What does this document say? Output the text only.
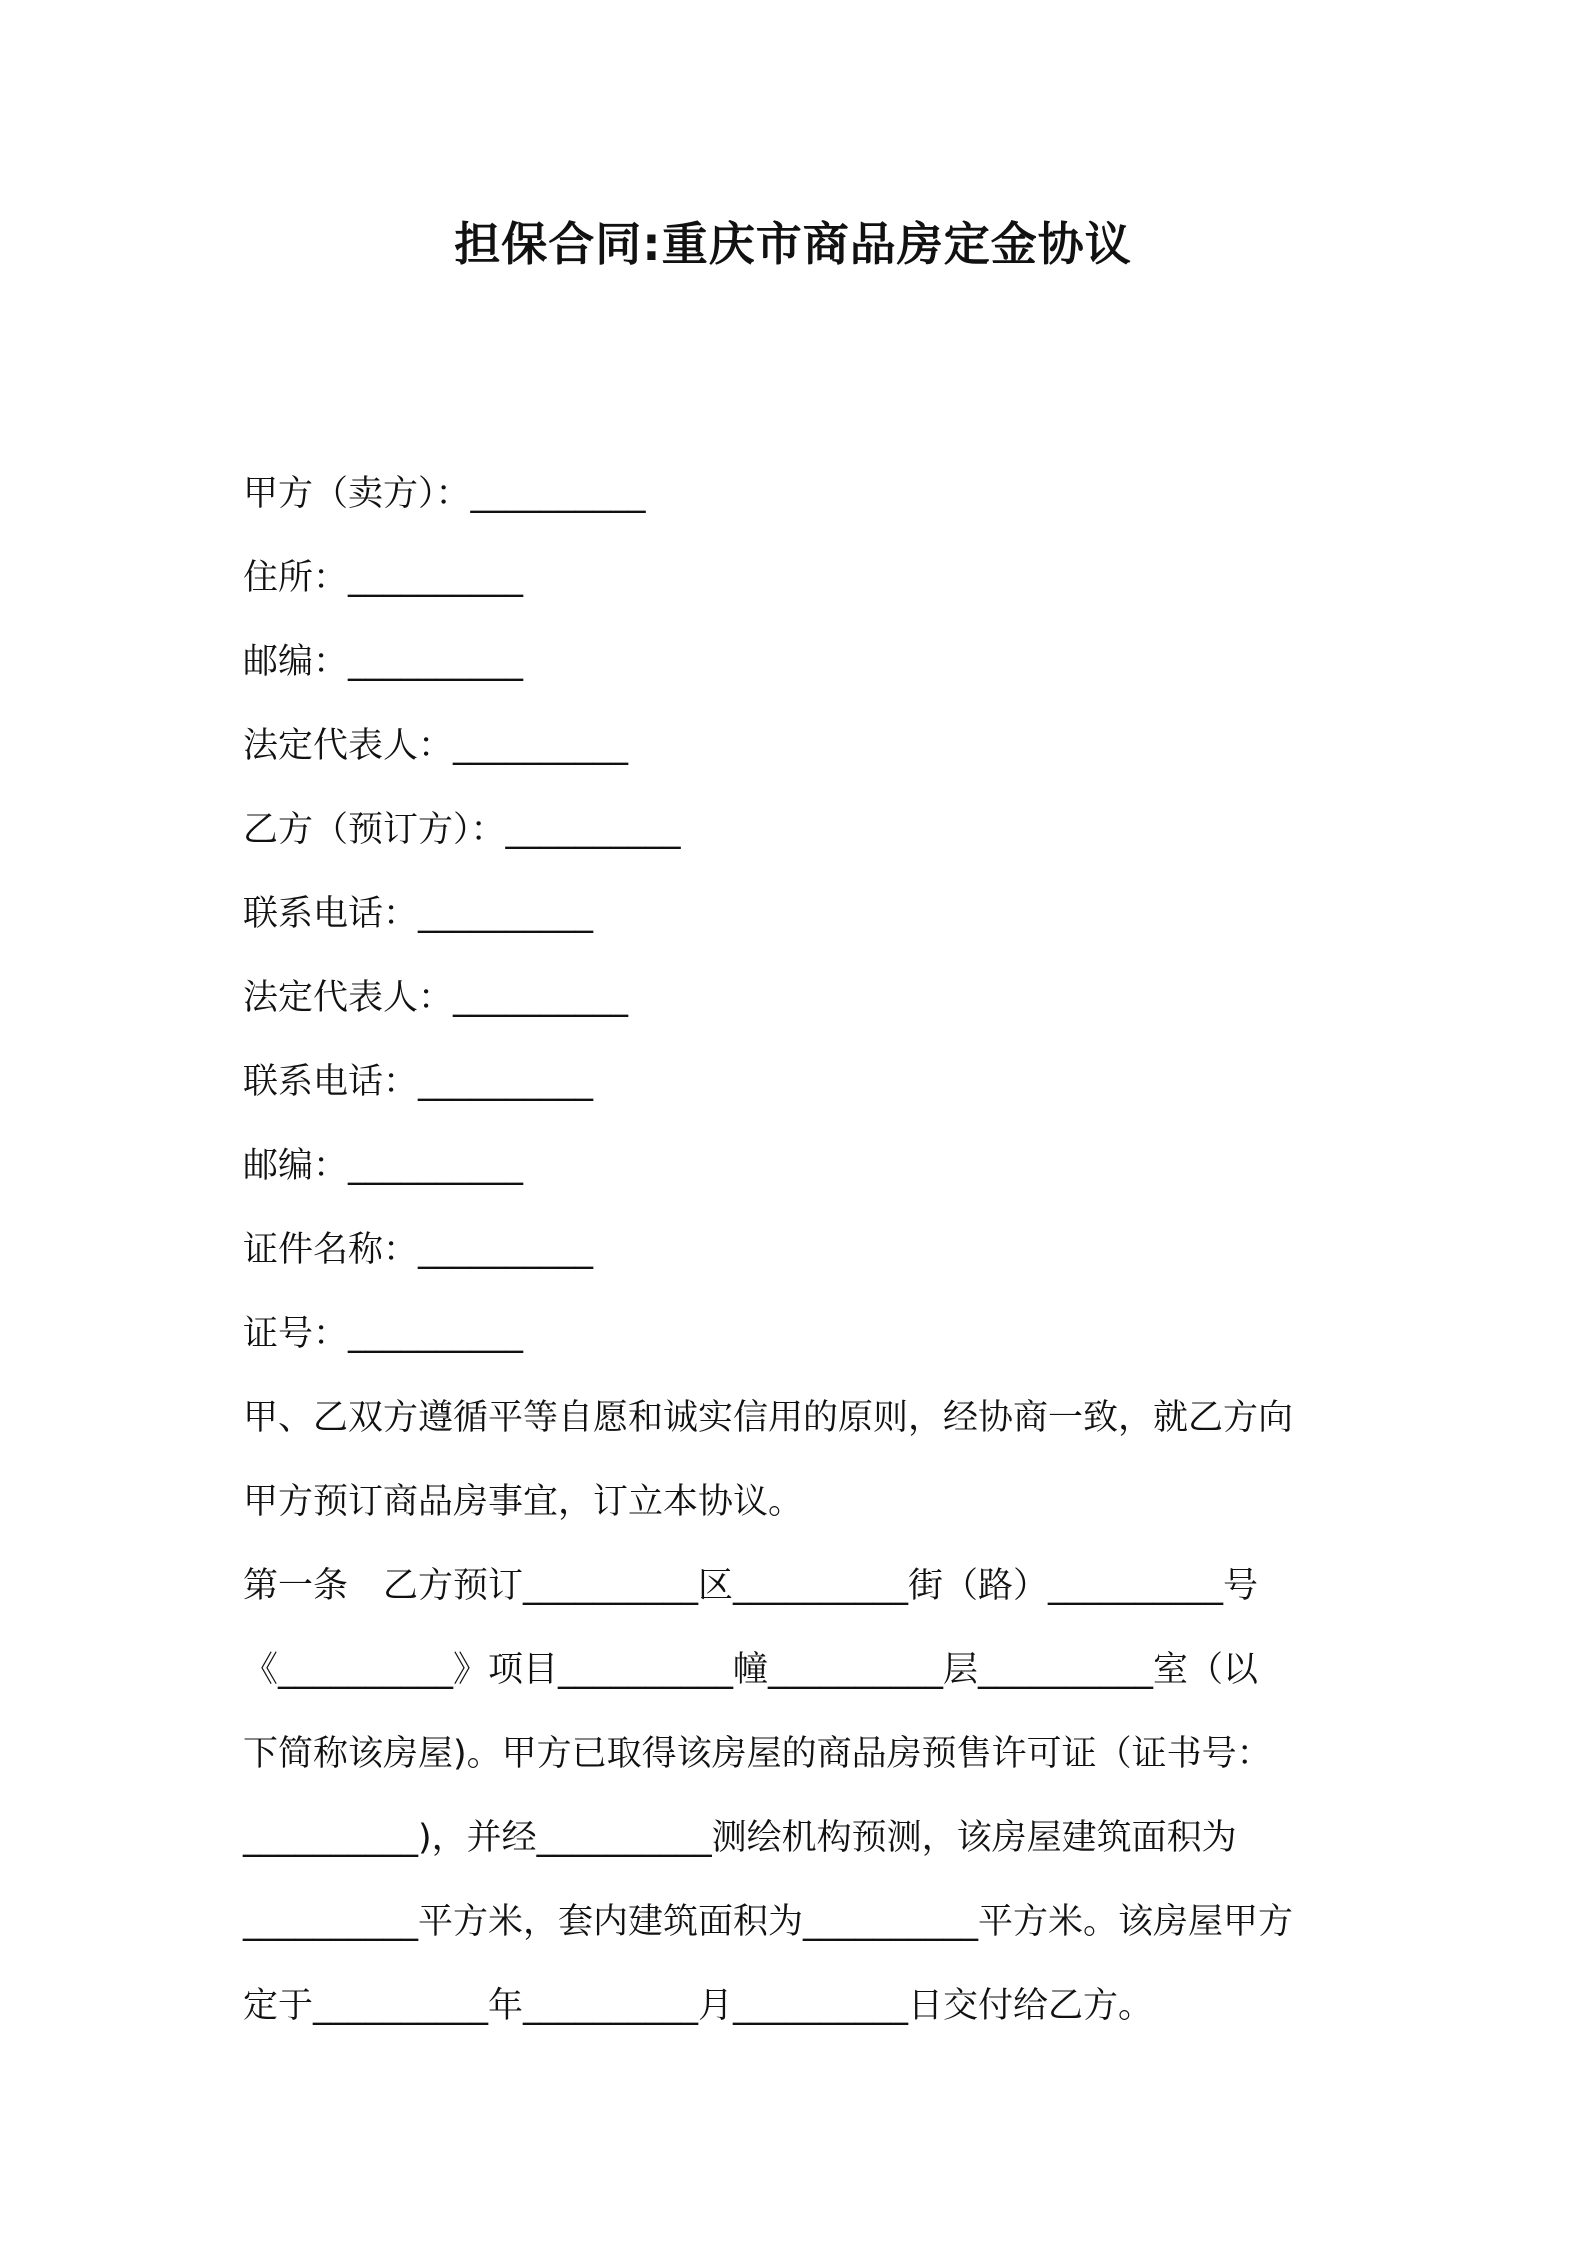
担保合同:重庆市商品房定金协议
甲方（卖方）：__________
住所：__________
邮编：__________
法定代表人：__________
乙方（预订方）：__________
联系电话：__________
法定代表人：__________
联系电话：__________
邮编：__________
证件名称：__________
证号：__________

甲、乙双方遵循平等自愿和诚实信用的原则，经协商一致，就乙方向

甲方预订商品房事宜，订立本协议。

第一条　乙方预订__________区__________街（路）__________号

《__________》项目__________幢__________层__________室（以

下简称该房屋)。甲方已取得该房屋的商品房预售许可证（证书号：

__________)，并经__________测绘机构预测，该房屋建筑面积为

__________平方米，套内建筑面积为__________平方米。该房屋甲方

定于__________年__________月__________日交付给乙方。
